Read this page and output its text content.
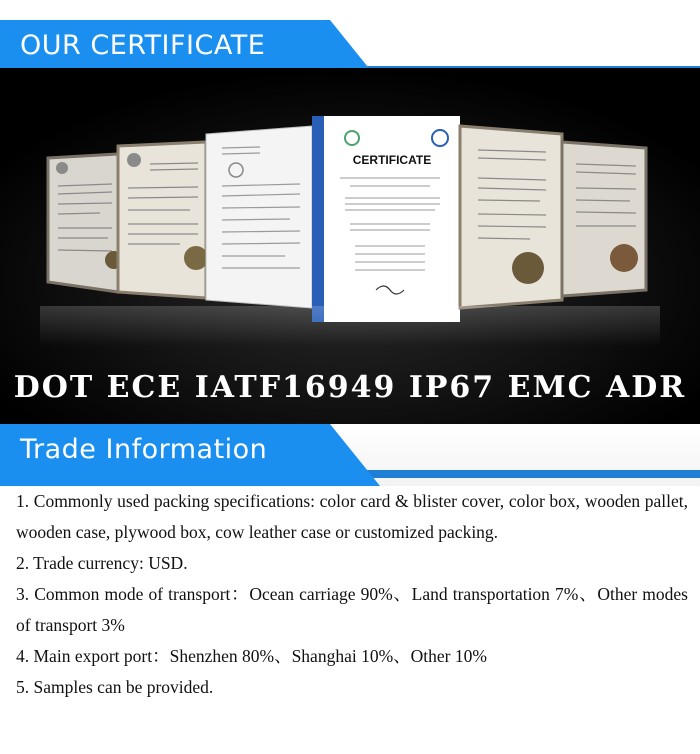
OUR CERTIFICATE
CERTIFICATE
DOT ECE IATF16949 IP67 EMC ADR
Trade Information

1. Commonly used packing specifications: color card & blister cover, color box, wooden pallet, wooden case, plywood box, cow leather case or customized packing.

2. Trade currency: USD.

3. Common mode of transport：Ocean carriage 90%、Land transportation 7%、Other modes of transport 3%

4. Main export port：Shenzhen 80%、Shanghai 10%、Other 10%

5. Samples can be provided.
